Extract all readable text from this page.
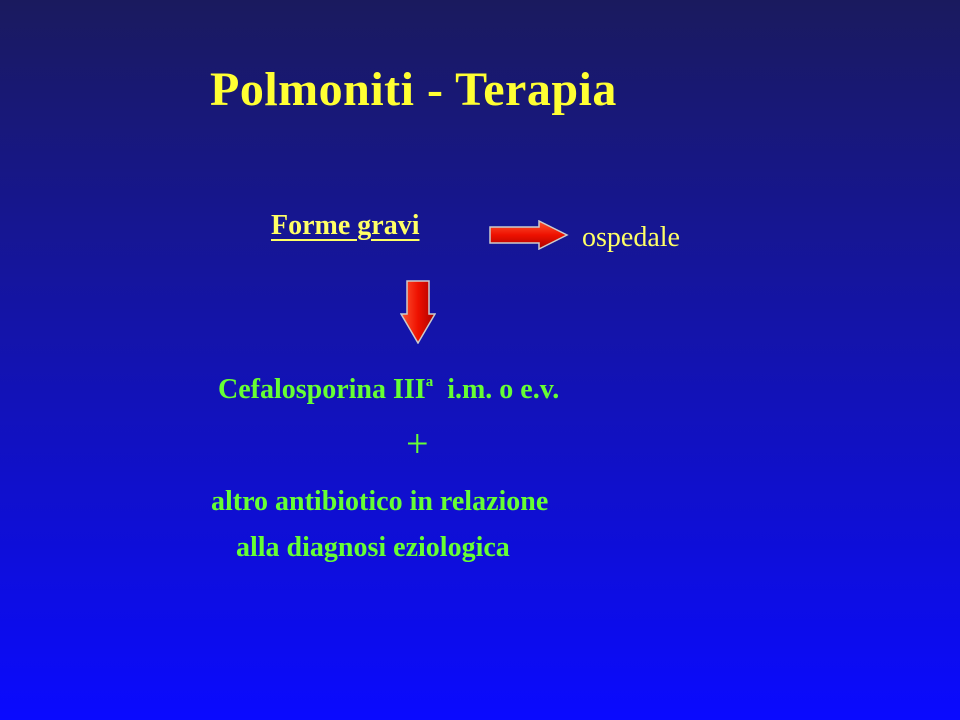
Polmoniti - Terapia
Forme gravi	ospedale
Cefalosporina III$^a$ i.m. o e.v.
+
altro antibiotico in relazione
alla diagnosi eziologica
